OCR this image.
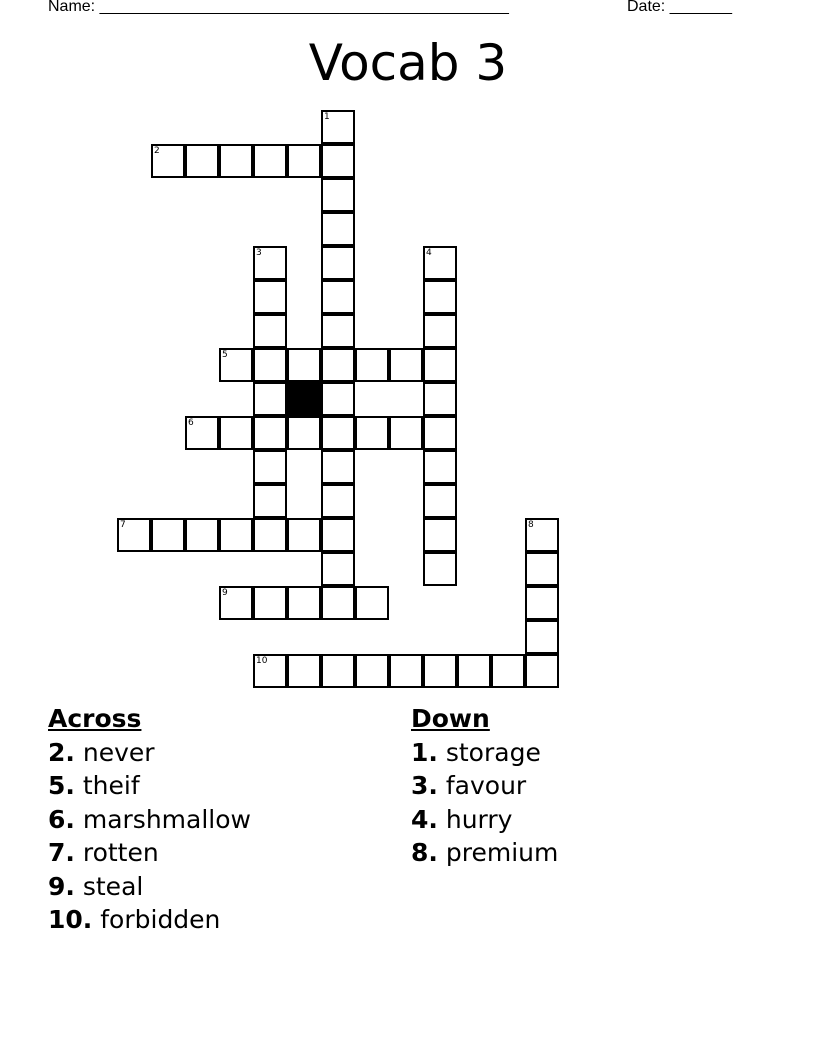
Name: ______________________________________________	Date: _______
Vocab 3
1
2
3	4
5
6
7	8
9
10
Across
2. never
5. theif
6. marshmallow
7. rotten
9. steal
10. forbidden
Down
1. storage
3. favour
4. hurry
8. premium
